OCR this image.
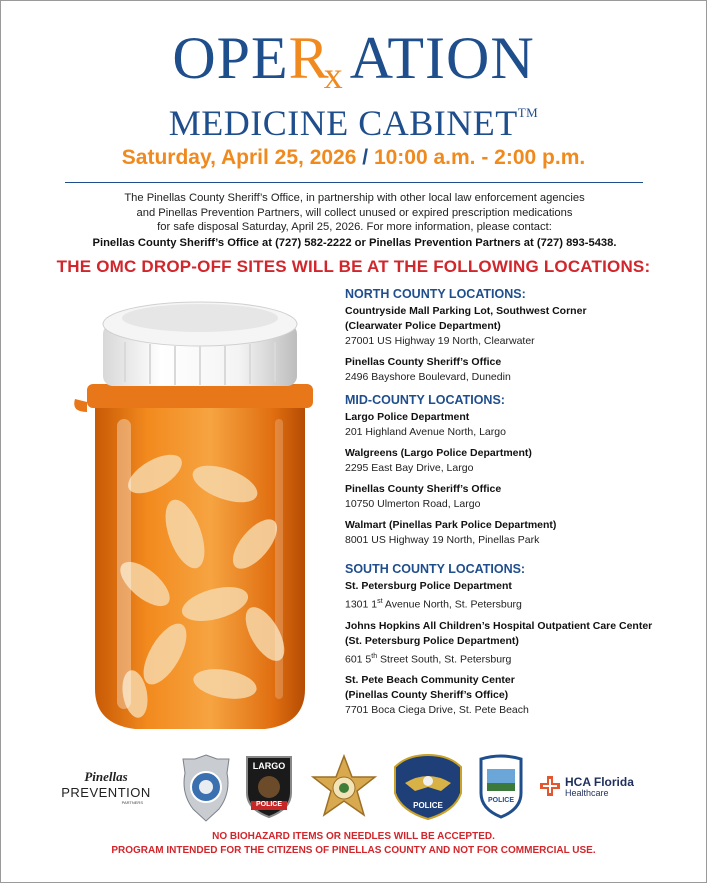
OPERx ATION
MEDICINE CABINET™
Saturday, April 25, 2026 / 10:00 a.m. - 2:00 p.m.
The Pinellas County Sheriff’s Office, in partnership with other local law enforcement agencies
and Pinellas Prevention Partners, will collect unused or expired prescription medications
for safe disposal Saturday, April 25, 2026. For more information, please contact:
Pinellas County Sheriff’s Office at (727) 582-2222 or Pinellas Prevention Partners at (727) 893-5438.
THE OMC DROP-OFF SITES WILL BE AT THE FOLLOWING LOCATIONS:
NORTH COUNTY LOCATIONS:
Countryside Mall Parking Lot, Southwest Corner
(Clearwater Police Department)
27001 US Highway 19 North, Clearwater
Pinellas County Sheriff’s Office
2496 Bayshore Boulevard, Dunedin
MID-COUNTY LOCATIONS:
Largo Police Department
201 Highland Avenue North, Largo
Walgreens (Largo Police Department)
2295 East Bay Drive, Largo
Pinellas County Sheriff’s Office
10750 Ulmerton Road, Largo
Walmart (Pinellas Park Police Department)
8001 US Highway 19 North, Pinellas Park
SOUTH COUNTY LOCATIONS:
St. Petersburg Police Department
1301 1st Avenue North, St. Petersburg
Johns Hopkins All Children’s Hospital Outpatient Care Center
(St. Petersburg Police Department)
601 5th Street South, St. Petersburg
St. Pete Beach Community Center
(Pinellas County Sheriff’s Office)
7701 Boca Ciega Drive, St. Pete Beach
Pinellas
PREVENTION
PARTNERS
LARGO
POLICE	POLICE
POLICE
HCA Florida
Healthcare
NO BIOHAZARD ITEMS OR NEEDLES WILL BE ACCEPTED.
PROGRAM INTENDED FOR THE CITIZENS OF PINELLAS COUNTY AND NOT FOR COMMERCIAL USE.
